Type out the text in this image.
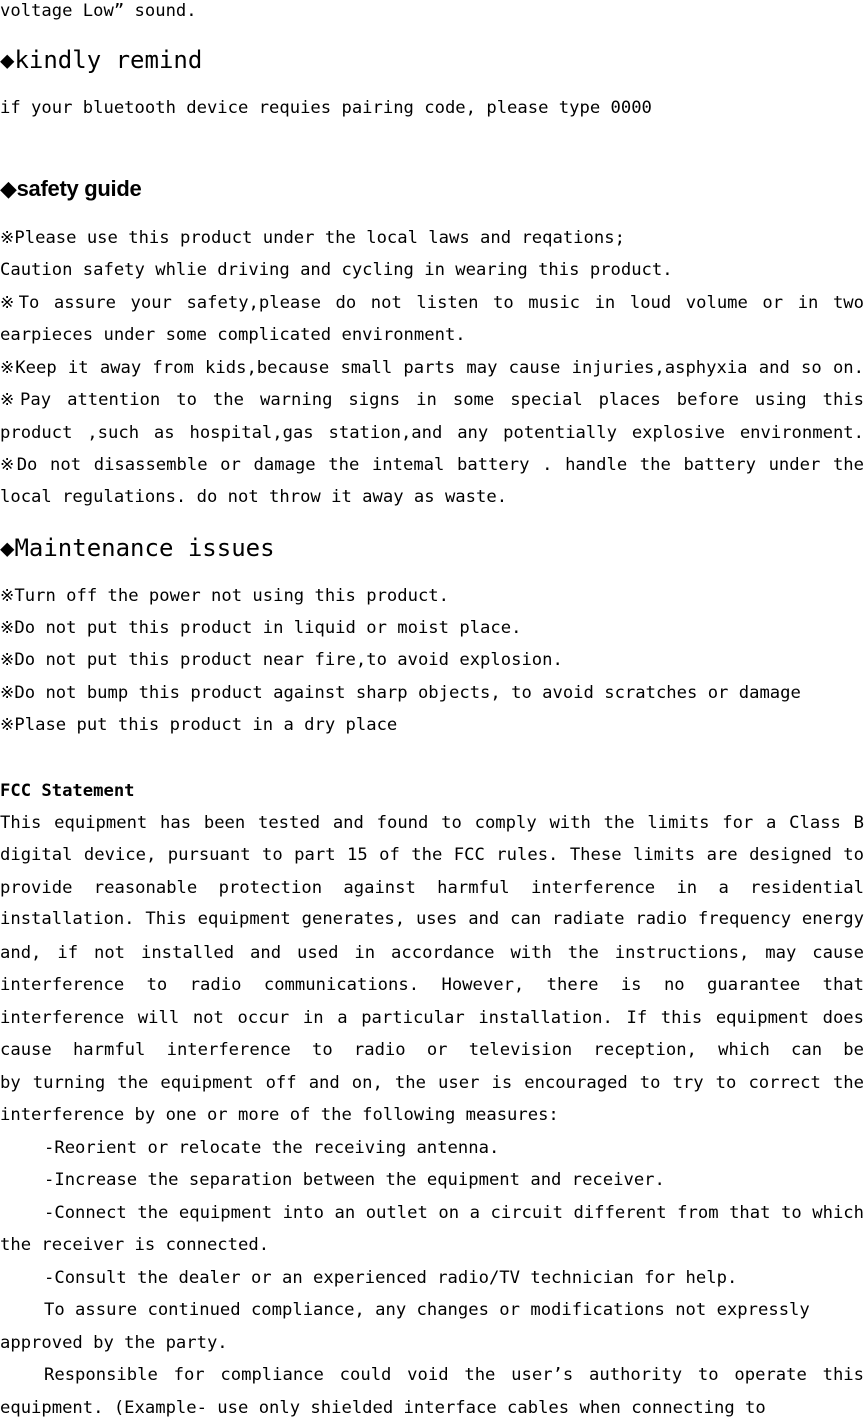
voltage Low” sound.
◆kindly remind
if your bluetooth device requies pairing code, please type 0000
◆safety guide
※Please use this product under the local laws and reqations;
Caution safety whlie driving and cycling in wearing this product.
※To assure your safety,please do not listen to music in loud volume or in two
earpieces under some complicated environment.
※Keep it away from kids,because small parts may cause injuries,asphyxia and so on.
※Pay attention to the warning signs in some special places before using this
product ,such as hospital,gas station,and any potentially explosive environment.
※Do not disassemble or damage the intemal battery . handle the battery under the
local regulations. do not throw it away as waste.
◆Maintenance issues
※Turn off the power not using this product.
※Do not put this product in liquid or moist place.
※Do not put this product near fire,to avoid explosion.
※Do not bump this product against sharp objects, to avoid scratches or damage
※Plase put this product in a dry place
FCC Statement
This equipment has been tested and found to comply with the limits for a Class B
digital device, pursuant to part 15 of the FCC rules. These limits are designed to
provide reasonable protection against harmful interference in a residential
installation. This equipment generates, uses and can radiate radio frequency energy
and, if not installed and used in accordance with the instructions, may cause
interference to radio communications. However, there is no guarantee that
interference will not occur in a particular installation. If this equipment does
cause harmful interference to radio or television reception, which can be
by turning the equipment off and on, the user is encouraged to try to correct the
interference by one or more of the following measures:
-Reorient or relocate the receiving antenna.
-Increase the separation between the equipment and receiver.
-Connect the equipment into an outlet on a circuit different from that to which
the receiver is connected.
-Consult the dealer or an experienced radio/TV technician for help.
To assure continued compliance, any changes or modifications not expressly
approved by the party.
Responsible for compliance could void the user’s authority to operate this
equipment. (Example- use only shielded interface cables when connecting to
